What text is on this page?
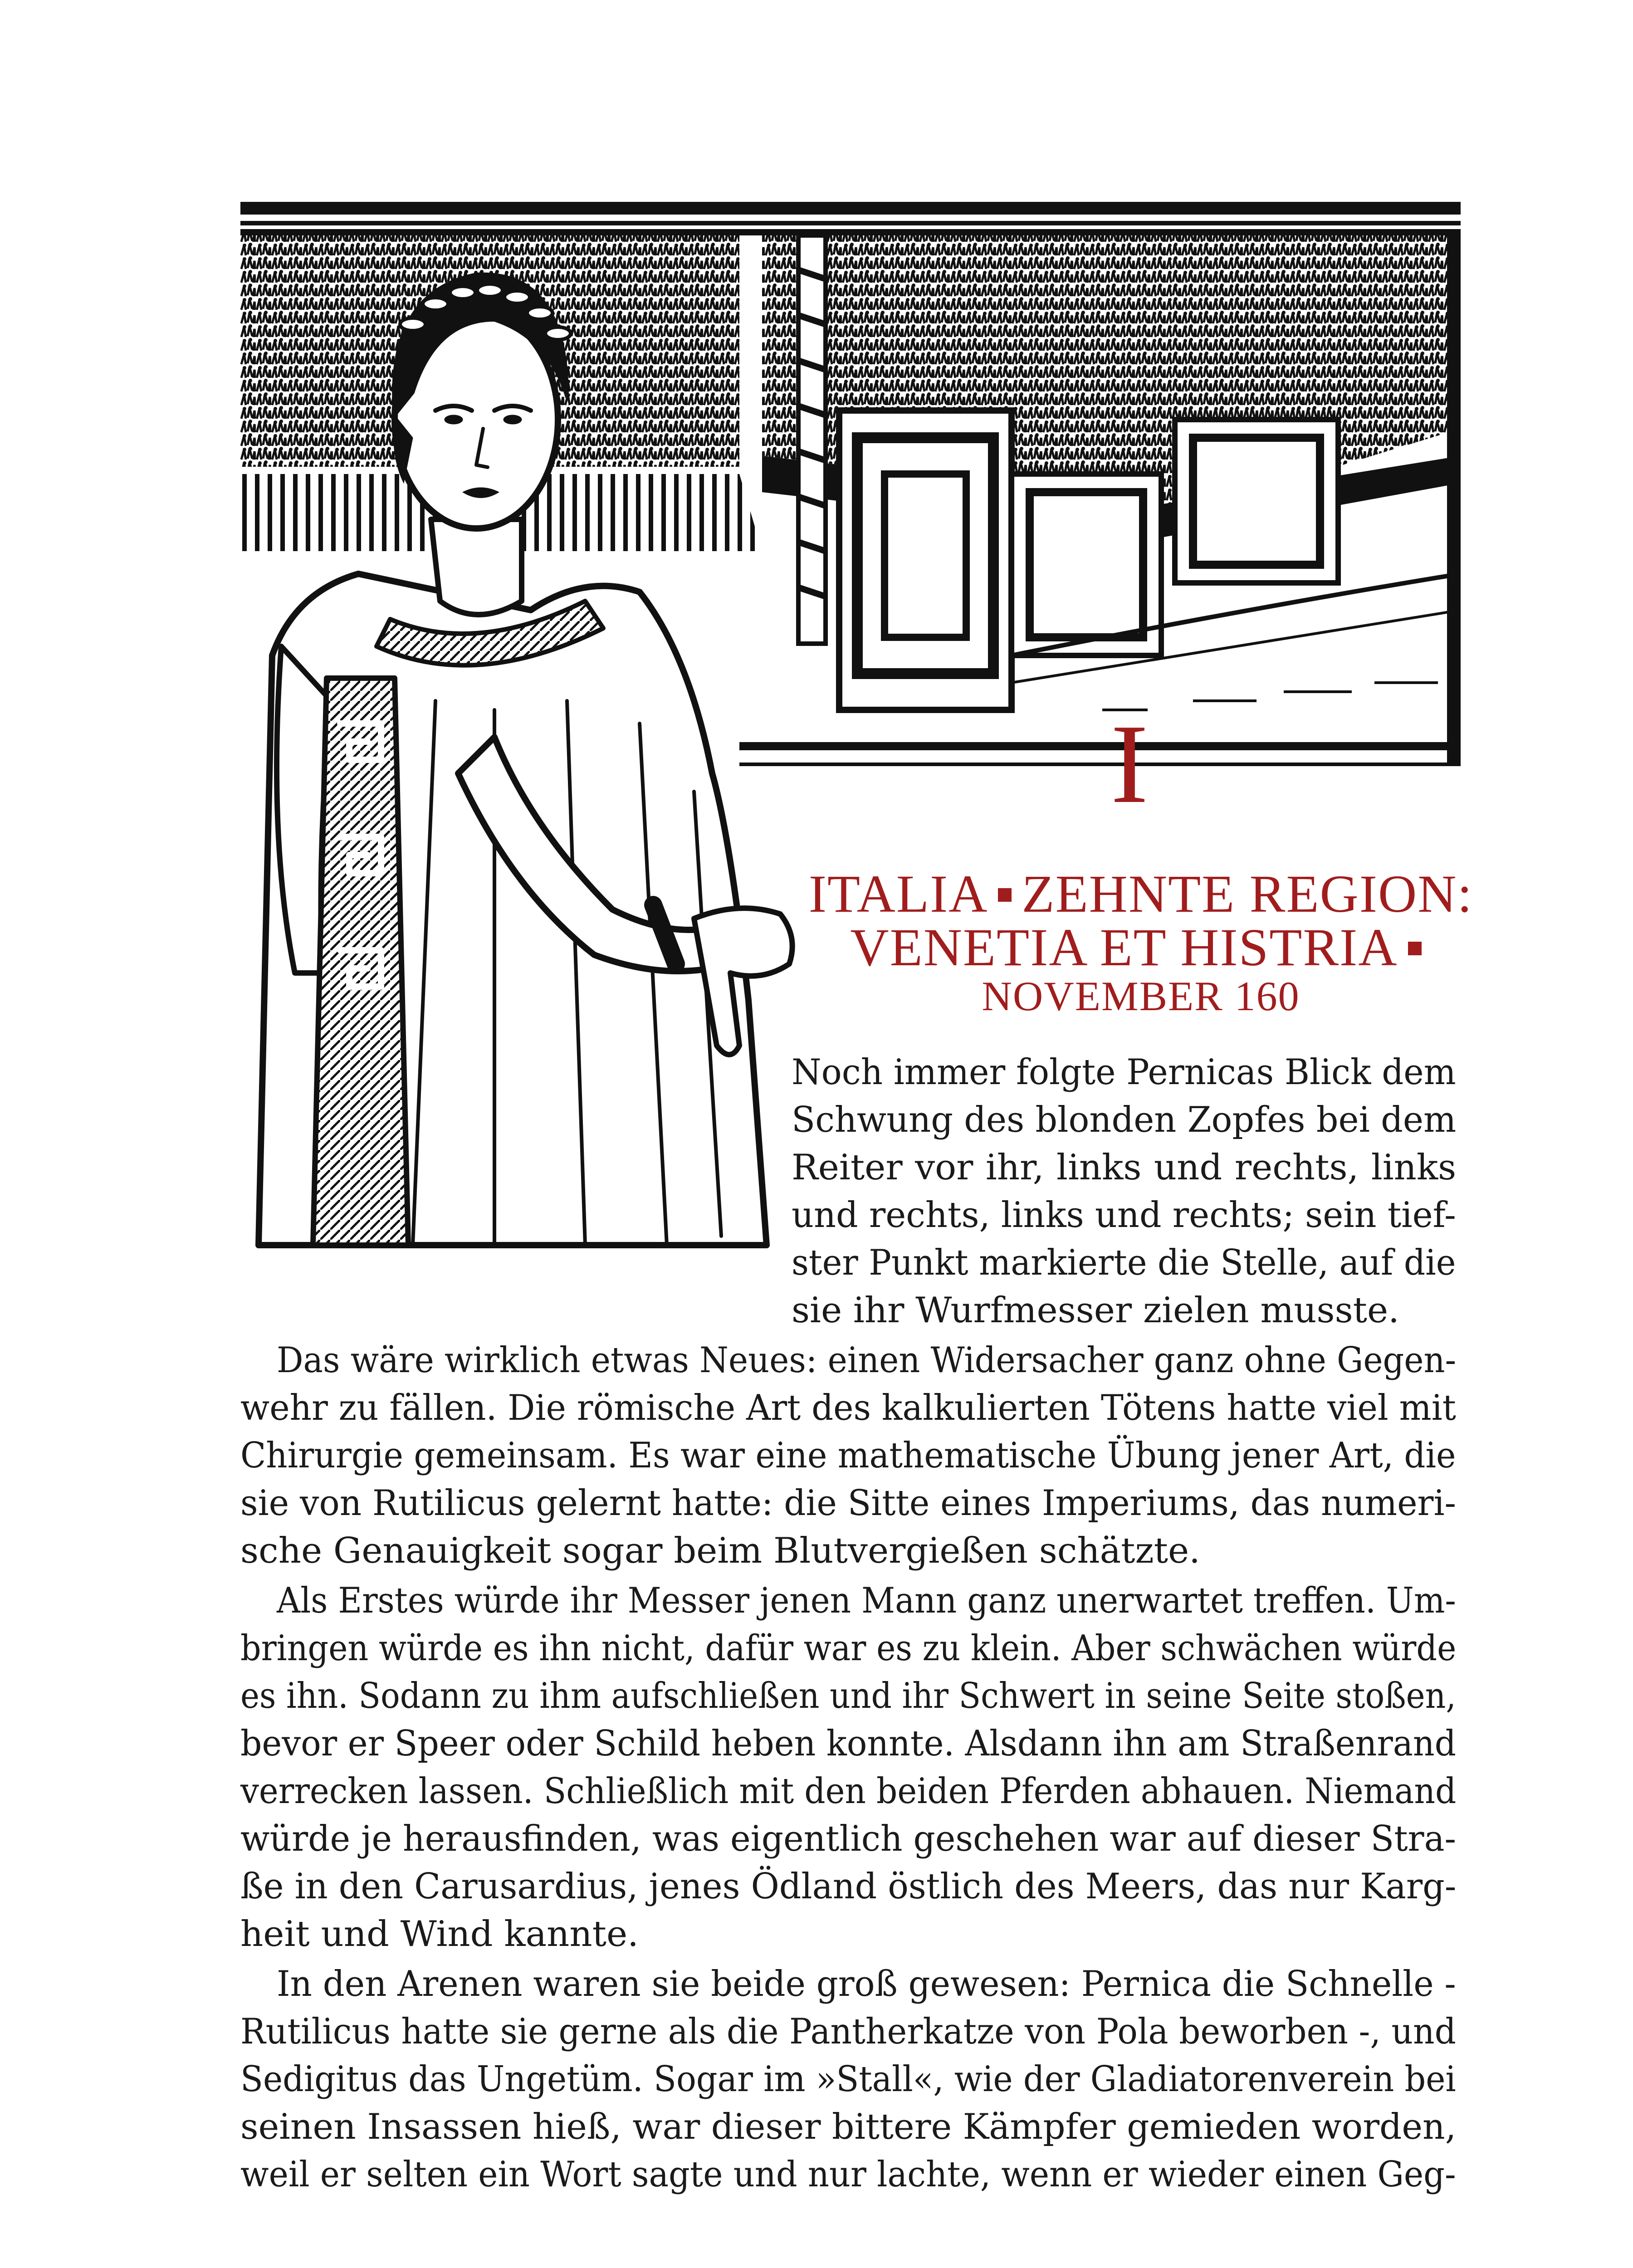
I
ITALIA ZEHNTE REGION:
VENETIA ET HISTRIA
NOVEMBER 160
Noch immer folgte Pernicas Blick dem
Schwung des blonden Zopfes bei dem
Reiter vor ihr, links und rechts, links
und rechts, links und rechts; sein tief-
ster Punkt markierte die Stelle, auf die
sie ihr Wurfmesser zielen musste.
Das wäre wirklich etwas Neues: einen Widersacher ganz ohne Gegen-
wehr zu fällen. Die römische Art des kalkulierten Tötens hatte viel mit
Chirurgie gemeinsam. Es war eine mathematische Übung jener Art, die
sie von Rutilicus gelernt hatte: die Sitte eines Imperiums, das numeri-
sche Genauigkeit sogar beim Blutvergießen schätzte.
Als Erstes würde ihr Messer jenen Mann ganz unerwartet treffen. Um-
bringen würde es ihn nicht, dafür war es zu klein. Aber schwächen würde
es ihn. Sodann zu ihm aufschließen und ihr Schwert in seine Seite stoßen,
bevor er Speer oder Schild heben konnte. Alsdann ihn am Straßenrand
verrecken lassen. Schließlich mit den beiden Pferden abhauen. Niemand
würde je herausfinden, was eigentlich geschehen war auf dieser Stra-
ße in den Carusardius, jenes Ödland östlich des Meers, das nur Karg-
heit und Wind kannte.
In den Arenen waren sie beide groß gewesen: Pernica die Schnelle -
Rutilicus hatte sie gerne als die Pantherkatze von Pola beworben -, und
Sedigitus das Ungetüm. Sogar im »Stall«, wie der Gladiatorenverein bei
seinen Insassen hieß, war dieser bittere Kämpfer gemieden worden,
weil er selten ein Wort sagte und nur lachte, wenn er wieder einen Geg-
